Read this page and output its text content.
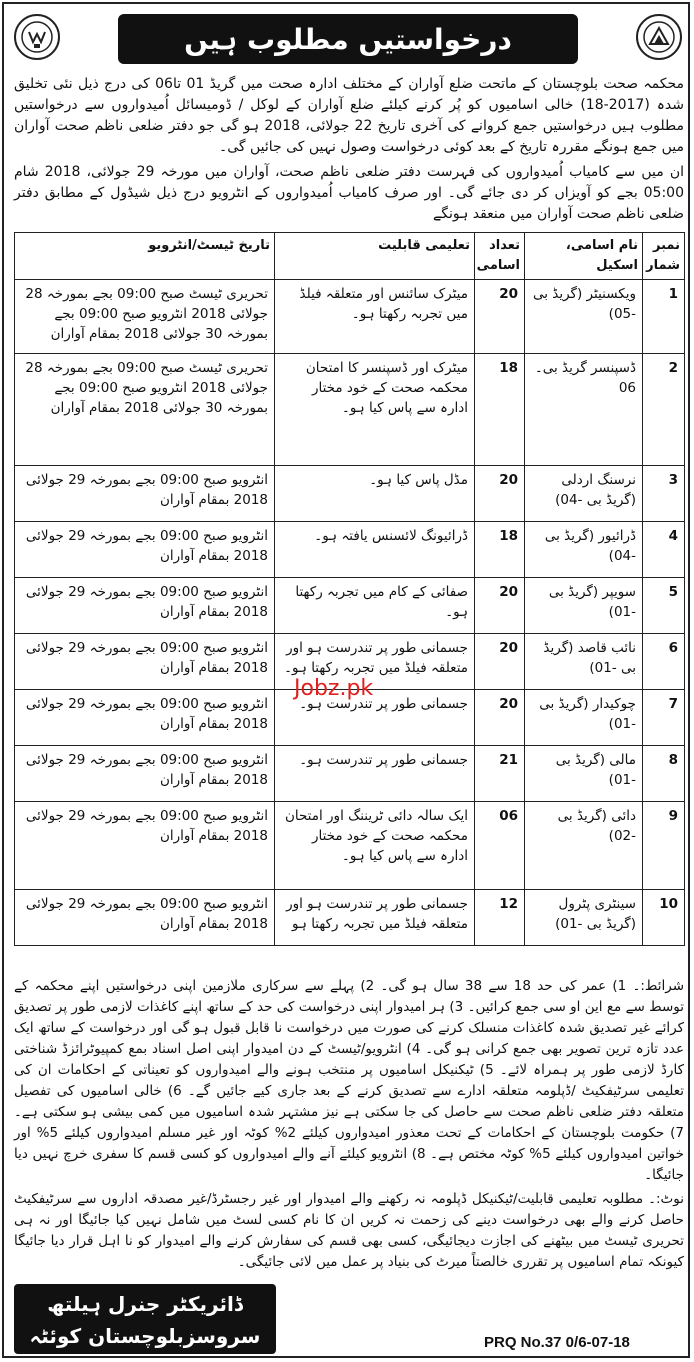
درخواستیں مطلوب ہیں

محکمہ صحت بلوچستان کے ماتحت ضلع آواران کے مختلف ادارہ صحت میں گریڈ 01 تا06 کی درج ذیل نئی تخلیق شدہ (2017-18) خالی اسامیوں کو پُر کرنے کیلئے ضلع آواران کے لوکل / ڈومیسائل اُمیدواروں سے درخواستیں مطلوب ہیں درخواستیں جمع کروانے کی آخری تاریخ 22 جولائی، 2018 ہو گی جو دفتر ضلعی ناظم صحت آواران میں جمع ہونگے مقررہ تاریخ کے بعد کوئی درخواست وصول نہیں کی جائیں گی۔

ان میں سے کامیاب اُمیدواروں کی فہرست دفتر ضلعی ناظم صحت، آواران میں مورخہ 29 جولائی، 2018 شام 05:00 بجے کو آویزاں کر دی جائے گی۔ اور صرف کامیاب اُمیدواروں کے انٹرویو درج ذیل شیڈول کے مطابق دفتر ضلعی ناظم صحت آواران میں منعقد ہونگے

نمبر شمار	نام اسامی، اسکیل	تعداد اسامی	تعلیمی قابلیت	تاریخ ٹیسٹ/انٹرویو
1	ویکسنیٹر (گریڈ بی -05)	20	میٹرک سائنس اور متعلقہ فیلڈ میں تجربہ رکھتا ہو۔	تحریری ٹیسٹ صبح 09:00 بجے بمورخہ 28 جولائی 2018 انٹرویو صبح 09:00 بجے بمورخہ 30 جولائی 2018 بمقام آواران
2	ڈسپنسر گریڈ بی۔06	18	میٹرک اور ڈسپنسر کا امتحان محکمہ صحت کے خود مختار ادارہ سے پاس کیا ہو۔	تحریری ٹیسٹ صبح 09:00 بجے بمورخہ 28 جولائی 2018 انٹرویو صبح 09:00 بجے بمورخہ 30 جولائی 2018 بمقام آواران
3	نرسنگ اردلی (گریڈ بی -04)	20	مڈل پاس کیا ہو۔	انٹرویو صبح 09:00 بجے بمورخہ 29 جولائی 2018 بمقام آواران
4	ڈرائیور (گریڈ بی -04)	18	ڈرائیونگ لائسنس یافتہ ہو۔	انٹرویو صبح 09:00 بجے بمورخہ 29 جولائی 2018 بمقام آواران
5	سویپر (گریڈ بی -01)	20	صفائی کے کام میں تجربہ رکھتا ہو۔	انٹرویو صبح 09:00 بجے بمورخہ 29 جولائی 2018 بمقام آواران
6	نائب قاصد (گریڈ بی -01)	20	جسمانی طور پر تندرست ہو اور متعلقہ فیلڈ میں تجربہ رکھتا ہو۔	انٹرویو صبح 09:00 بجے بمورخہ 29 جولائی 2018 بمقام آواران
7	چوکیدار (گریڈ بی -01)	20	جسمانی طور پر تندرست ہو۔	انٹرویو صبح 09:00 بجے بمورخہ 29 جولائی 2018 بمقام آواران
8	مالی (گریڈ بی -01)	21	جسمانی طور پر تندرست ہو۔	انٹرویو صبح 09:00 بجے بمورخہ 29 جولائی 2018 بمقام آواران
9	دائی (گریڈ بی -02)	06	ایک سالہ دائی ٹریننگ اور امتحان محکمہ صحت کے خود مختار ادارہ سے پاس کیا ہو۔	انٹرویو صبح 09:00 بجے بمورخہ 29 جولائی 2018 بمقام آواران
10	سینٹری پٹرول (گریڈ بی -01)	12	جسمانی طور پر تندرست ہو اور متعلقہ فیلڈ میں تجربہ رکھتا ہو	انٹرویو صبح 09:00 بجے بمورخہ 29 جولائی 2018 بمقام آواران
Jobz.pk

شرائط:۔ 1) عمر کی حد 18 سے 38 سال ہو گی۔ 2) پہلے سے سرکاری ملازمین اپنی درخواستیں اپنے محکمہ کے توسط سے مع این او سی جمع کرائیں۔ 3) ہر امیدوار اپنی درخواست کی حد کے ساتھ اپنے کاغذات لازمی طور پر تصدیق کرائے غیر تصدیق شدہ کاغذات منسلک کرنے کی صورت میں درخواست نا قابل قبول ہو گی اور درخواست کے ساتھ ایک عدد تازہ ترین تصویر بھی جمع کرانی ہو گی۔ 4) انٹرویو/ٹیسٹ کے دن امیدوار اپنی اصل اسناد بمع کمپیوٹرائزڈ شناختی کارڈ لازمی طور پر ہمراہ لائے۔ 5) ٹیکنیکل اسامیوں پر منتخب ہونے والے امیدواروں کو تعیناتی کے احکامات ان کی تعلیمی سرٹیفکیٹ /ڈپلومہ متعلقہ ادارے سے تصدیق کرنے کے بعد جاری کیے جائیں گے۔ 6) خالی اسامیوں کی تفصیل متعلقہ دفتر ضلعی ناظم صحت سے حاصل کی جا سکتی ہے نیز مشتہر شدہ اسامیوں میں کمی بیشی ہو سکتی ہے۔ 7) حکومت بلوچستان کے احکامات کے تحت معذور امیدواروں کیلئے 2% کوٹہ اور غیر مسلم امیدواروں کیلئے 5% اور خواتین امیدواروں کیلئے 5% کوٹہ مختص ہے۔ 8) انٹرویو کیلئے آنے والے امیدواروں کو کسی قسم کا سفری خرچ نہیں دیا جائیگا۔

نوٹ:۔ مطلوبہ تعلیمی قابلیت/ٹیکنیکل ڈپلومہ نہ رکھنے والے امیدوار اور غیر رجسٹرڈ/غیر مصدقہ اداروں سے سرٹیفکیٹ حاصل کرنے والے بھی درخواست دینے کی زحمت نہ کریں ان کا نام کسی لسٹ میں شامل نہیں کیا جائیگا اور نہ ہی تحریری ٹیسٹ میں بیٹھنے کی اجازت دیجائیگی، کسی بھی قسم کی سفارش کرنے والے امیدوار کو نا اہل قرار دیا جائیگا کیونکہ تمام اسامیوں پر تقرری خالصتاً میرٹ کی بنیاد پر عمل میں لائی جائیگی۔

ڈائریکٹر جنرل ہیلتھ
سروسزبلوچستان کوئٹہ	PRQ No.37 0/6-07-18
